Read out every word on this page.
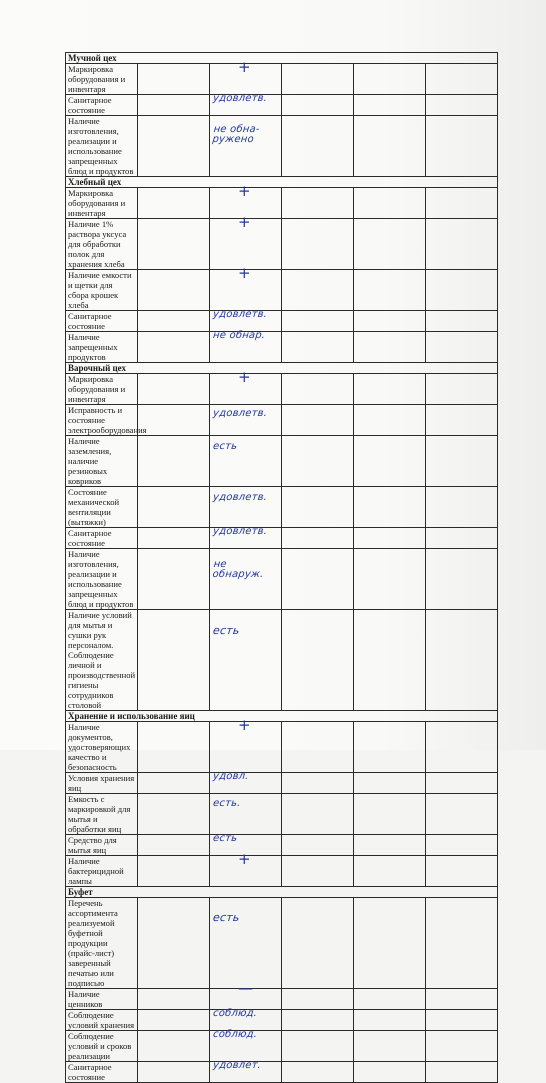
Мучной цех					
Маркировка оборудования и инвентаря		+			

Санитарное состояние		удовлетв.			

Наличие изготовления, реализации и использование запрещенных блюд и продуктов		не обна-
ружено			

Хлебный цех					
Маркировка оборудования и инвентаря		+			

Наличие 1% раствора уксуса для обработки полок для хранения хлеба		+			

Наличие емкости и щетки для сбора крошек хлеба		+			

Санитарное состояние		удовлетв.			

Наличие запрещенных продуктов		не обнар.			

Варочный цех					
Маркировка оборудования и инвентаря		+			

Исправность и состояние электрооборудования		удовлетв.			

Наличие заземления, наличие резиновых ковриков		есть			

Состояние механической вентиляции (вытяжки)		удовлетв.			

Санитарное состояние		удовлетв.			

Наличие изготовления, реализации и использование запрещенных блюд и продуктов		не
обнаруж.			

Наличие условий для мытья и сушки рук персоналом. Соблюдение личной и производственной гигиены сотрудников столовой		есть			

Хранение и использование яиц					
Наличие документов, удостоверяющих качество и безопасность		+			

Условия хранения яиц		удовл.			

Емкость с маркировкой для мытья и обработки яиц		есть.			

Средство для мытья яиц		есть			

Наличие бактерицидной лампы		+			

Буфет					
Перечень ассортимента реализуемой буфетной продукции (прайс-лист) заверенный печатью или подписью		есть			

Наличие ценников		—			

Соблюдение условий хранения		соблюд.			

Соблюдение условий и сроков реализации		соблюд.			

Санитарное состояние		удовлет.			
